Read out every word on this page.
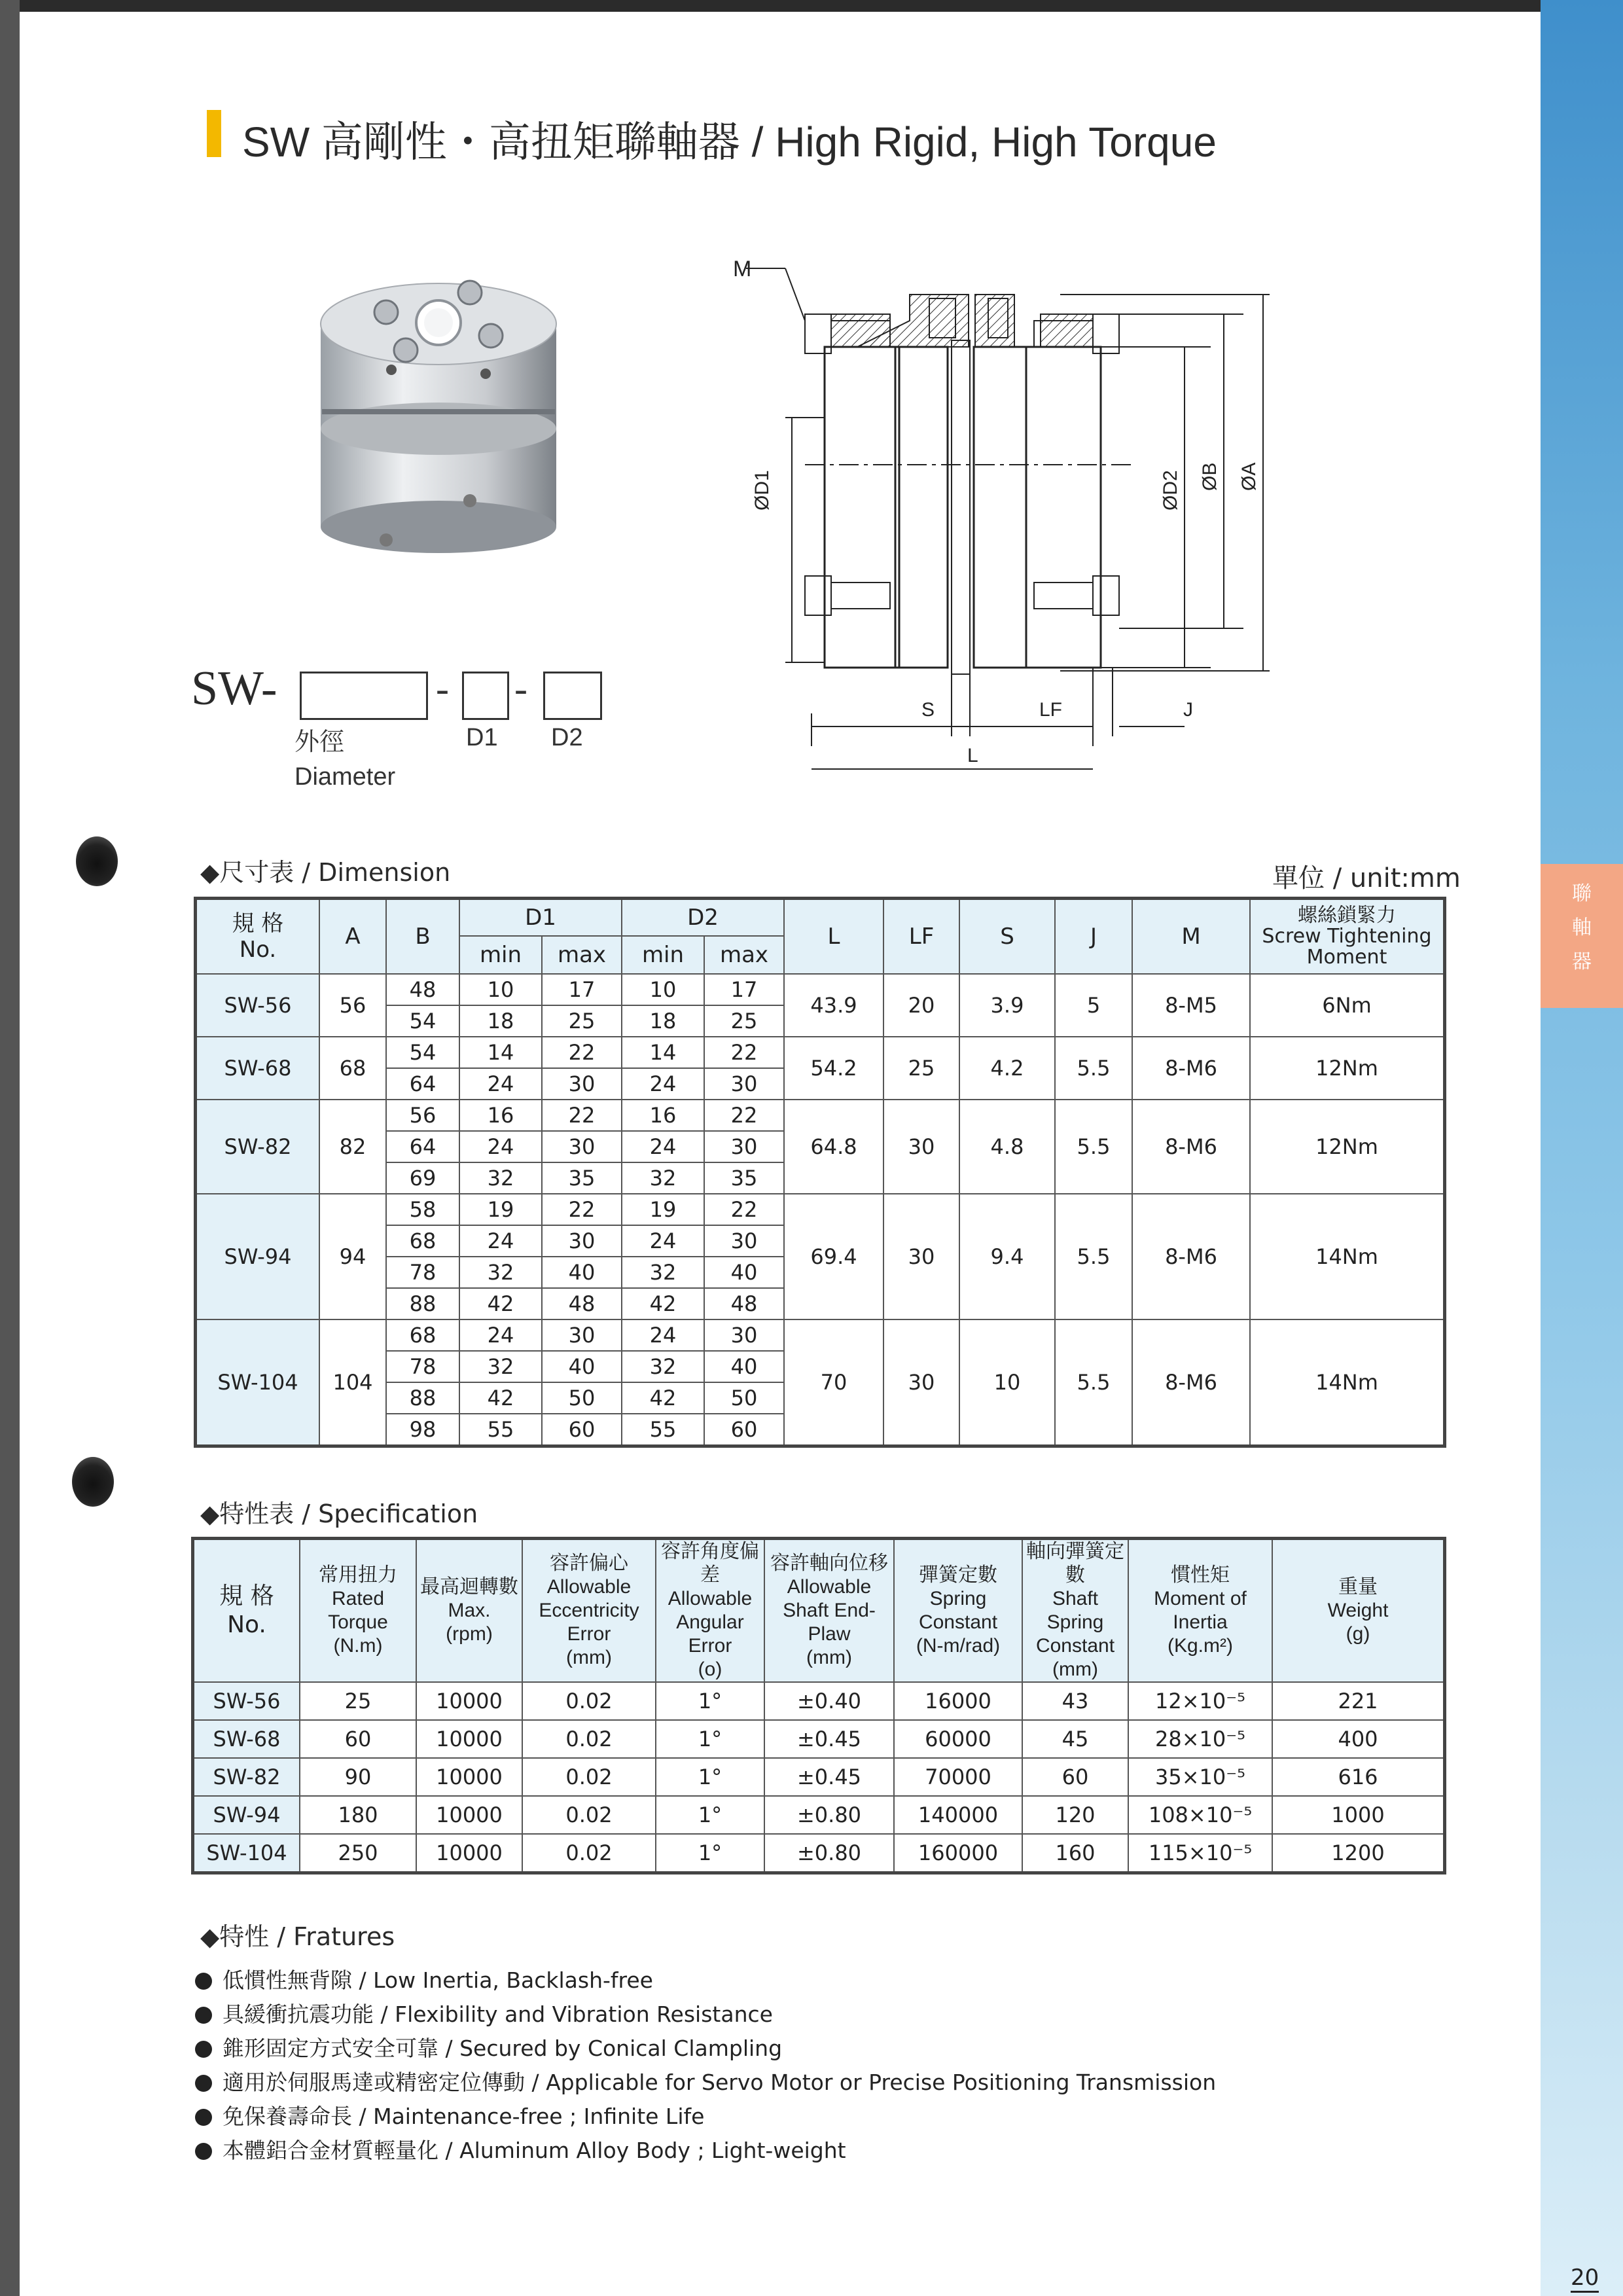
聯
軸
器
20
SW 高剛性・高扭矩聯軸器 / High Rigid, High Torque
M
ØD1	ØD2 ØB ØA
S	LF	J
L
SW-	- -
外徑
Diameter
D1 D2
◆尺寸表 / Dimension	單位 / unit:mm
規 格
No.	A	B	D1		D2		L	LF	S	J	M	螺絲鎖緊力
Screw Tightening Moment
			min	max	min	max						
SW-56	56	48	10	17	10	17	43.9	20	3.9	5	8-M5	6Nm
		54	18	25	18	25						
SW-68	68	54	14	22	14	22	54.2	25	4.2	5.5	8-M6	12Nm
		64	24	30	24	30						
SW-82	82	56	16	22	16	22	64.8	30	4.8	5.5	8-M6	12Nm
		64	24	30	24	30						
		69	32	35	32	35						
SW-94	94	58	19	22	19	22	69.4	30	9.4	5.5	8-M6	14Nm
		68	24	30	24	30						
		78	32	40	32	40						
		88	42	48	42	48						
SW-104	104	68	24	30	24	30	70	30	10	5.5	8-M6	14Nm
		78	32	40	32	40						
		88	42	50	42	50						
		98	55	60	55	60						
◆特性表 / Specification
規 格
No.	常用扭力
Rated Torque
(N.m)	最高迴轉數
Max.
(rpm)	容許偏心
Allowable Eccentricity Error
(mm)	容許角度偏差
Allowable Angular Error
(o)	容許軸向位移
Allowable Shaft End-Plaw
(mm)	彈簧定數
Spring Constant
(N-m/rad)	軸向彈簧定數
Shaft Spring Constant
(mm)	慣性矩
Moment of Inertia
(Kg.m²)	重量
Weight
(g)
SW-56	25	10000	0.02	1°	±0.40	16000	43	12×10⁻⁵	221
SW-68	60	10000	0.02	1°	±0.45	60000	45	28×10⁻⁵	400
SW-82	90	10000	0.02	1°	±0.45	70000	60	35×10⁻⁵	616
SW-94	180	10000	0.02	1°	±0.80	140000	120	108×10⁻⁵	1000
SW-104	250	10000	0.02	1°	±0.80	160000	160	115×10⁻⁵	1200
◆特性 / Fratures
低慣性無背隙 / Low Inertia, Backlash-free
具緩衝抗震功能 / Flexibility and Vibration Resistance
錐形固定方式安全可靠 / Secured by Conical Clampling
適用於伺服馬達或精密定位傳動 / Applicable for Servo Motor or Precise Positioning Transmission
免保養壽命長 / Maintenance-free ; Infinite Life
本體鋁合金材質輕量化 / Aluminum Alloy Body ; Light-weight
